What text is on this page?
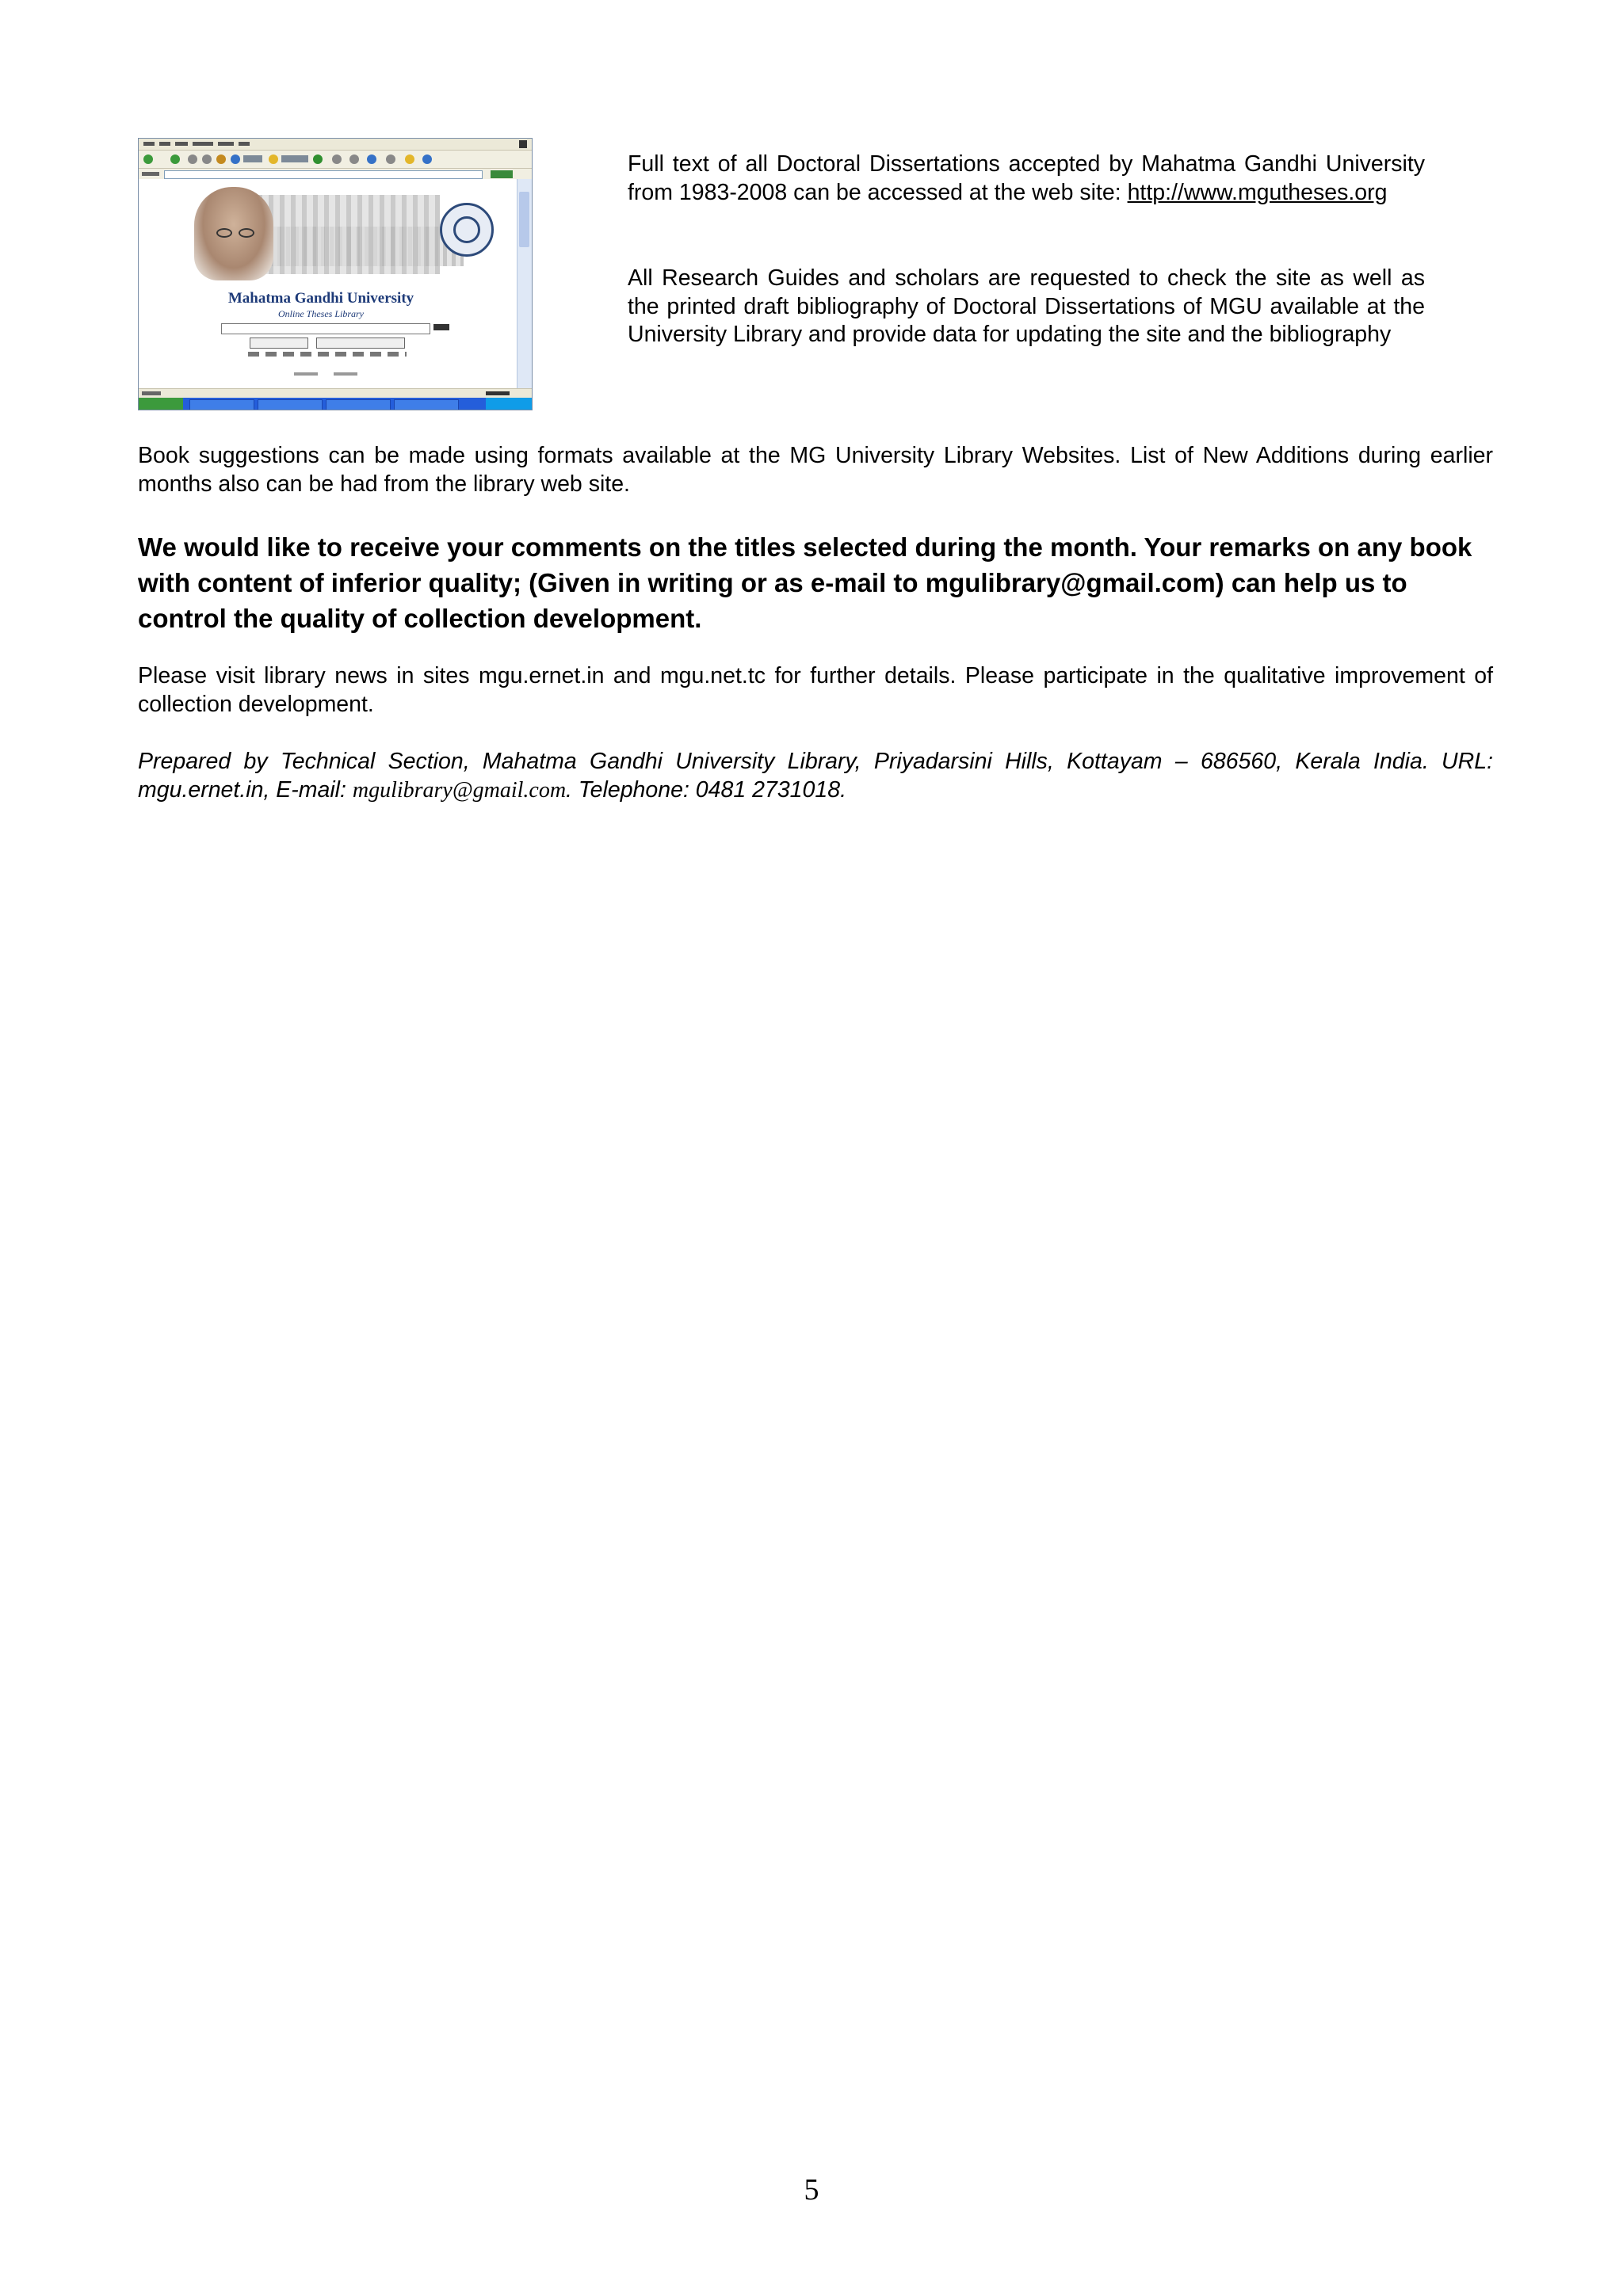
Mahatma Gandhi University
Online Theses Library
Full text of all Doctoral Dissertations accepted by Mahatma Gandhi University from 1983-2008 can be accessed at the web site: http://www.mgutheses.org
All Research Guides and scholars are requested to check the site as well as the printed draft bibliography of Doctoral Dissertations of MGU available at the University Library and provide data for updating the site and the bibliography
Book suggestions can be made using formats available at the MG University Library Websites. List of New Additions during earlier months also can be had from the library web site.
We would like to receive your comments on the titles selected during the month. Your remarks on any book with content of inferior quality; (Given in writing or as e-mail to mgulibrary@gmail.com) can help us to control the quality of collection development.
Please visit library news in sites mgu.ernet.in and mgu.net.tc for further details. Please participate in the qualitative improvement of collection development.
Prepared by Technical Section, Mahatma Gandhi University Library, Priyadarsini Hills, Kottayam – 686560, Kerala India. URL: mgu.ernet.in, E-mail: mgulibrary@gmail.com. Telephone: 0481 2731018.
5
